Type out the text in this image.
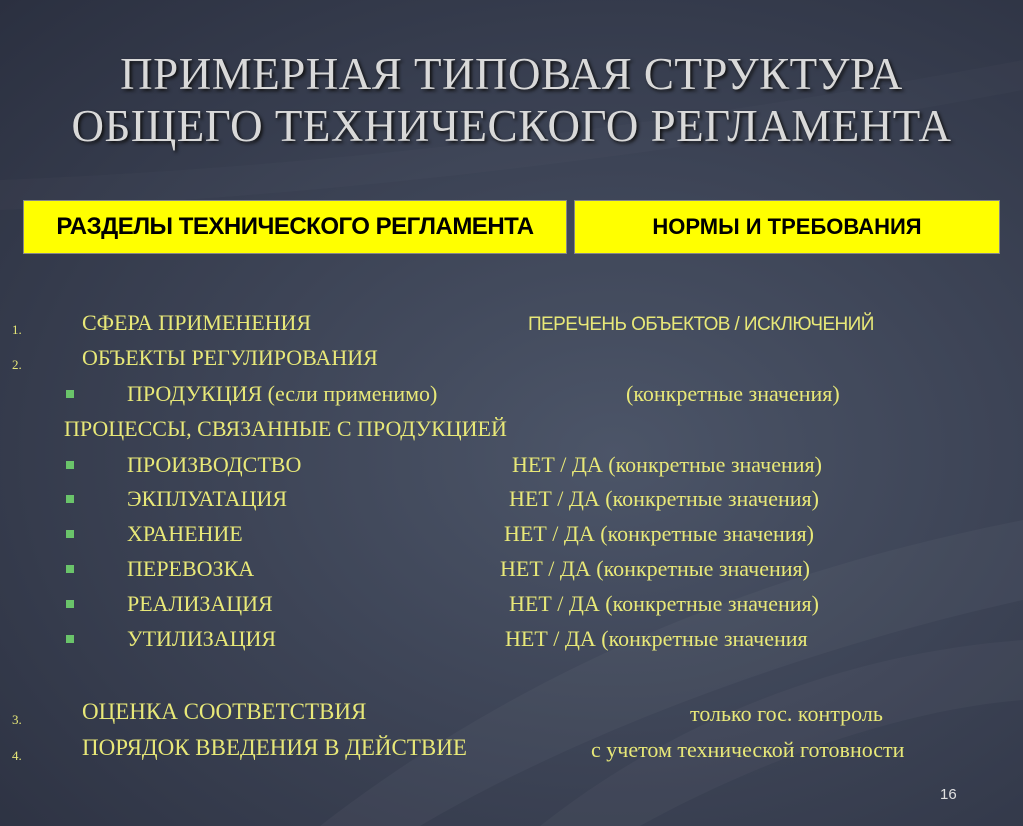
ПРИМЕРНАЯ ТИПОВАЯ СТРУКТУРА
ОБЩЕГО ТЕХНИЧЕСКОГО РЕГЛАМЕНТА
РАЗДЕЛЫ ТЕХНИЧЕСКОГО РЕГЛАМЕНТА	НОРМЫ И ТРЕБОВАНИЯ
1.	СФЕРА ПРИМЕНЕНИЯ	ПЕРЕЧЕНЬ ОБЪЕКТОВ / ИСКЛЮЧЕНИЙ
2.	ОБЪЕКТЫ РЕГУЛИРОВАНИЯ
ПРОДУКЦИЯ (если применимо)	(конкретные значения)
ПРОЦЕССЫ, СВЯЗАННЫЕ С ПРОДУКЦИЕЙ
ПРОИЗВОДСТВО	НЕТ / ДА (конкретные значения)
ЭКПЛУАТАЦИЯ	НЕТ / ДА (конкретные значения)
ХРАНЕНИЕ	НЕТ / ДА (конкретные значения)
ПЕРЕВОЗКА	НЕТ / ДА (конкретные значения)
РЕАЛИЗАЦИЯ	НЕТ / ДА (конкретные значения)
УТИЛИЗАЦИЯ	НЕТ / ДА (конкретные значения
3.	ОЦЕНКА СООТВЕТСТВИЯ	только гос. контроль
4.	ПОРЯДОК ВВЕДЕНИЯ В ДЕЙСТВИЕ	с учетом технической готовности
16
